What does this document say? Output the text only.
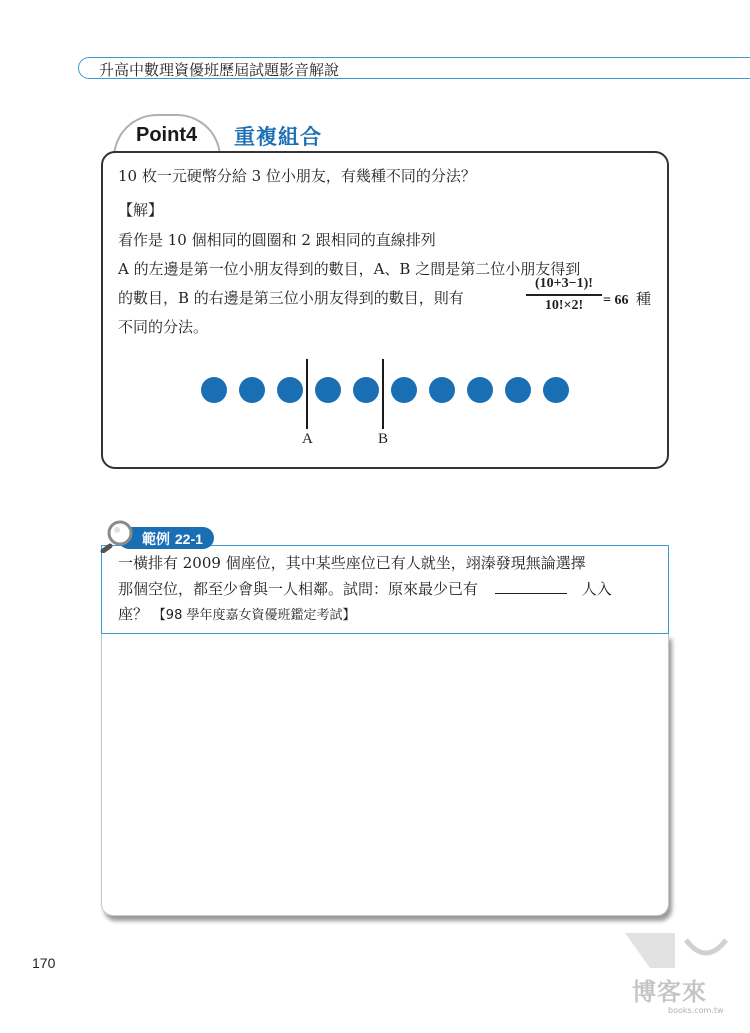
升高中數理資優班歷屆試題影音解說
Point4 重複組合
10 枚一元硬幣分給 3 位小朋友，有幾種不同的分法？
【解】
看作是 10 個相同的圓圈和 2 跟相同的直線排列
A 的左邊是第一位小朋友得到的數目，A、B 之間是第二位小朋友得到
的數目，B 的右邊是第三位小朋友得到的數目，則有
(10+3−1)!
10!×2!	= 66 種
不同的分法。
A	B
範例 22-1
一橫排有 2009 個座位，其中某些座位已有人就坐，翊溱發現無論選擇
那個空位，都至少會與一人相鄰。試問：原來最少已有	人入
座？ 【98 學年度嘉女資優班鑑定考試】
170
博客來
books.com.tw
